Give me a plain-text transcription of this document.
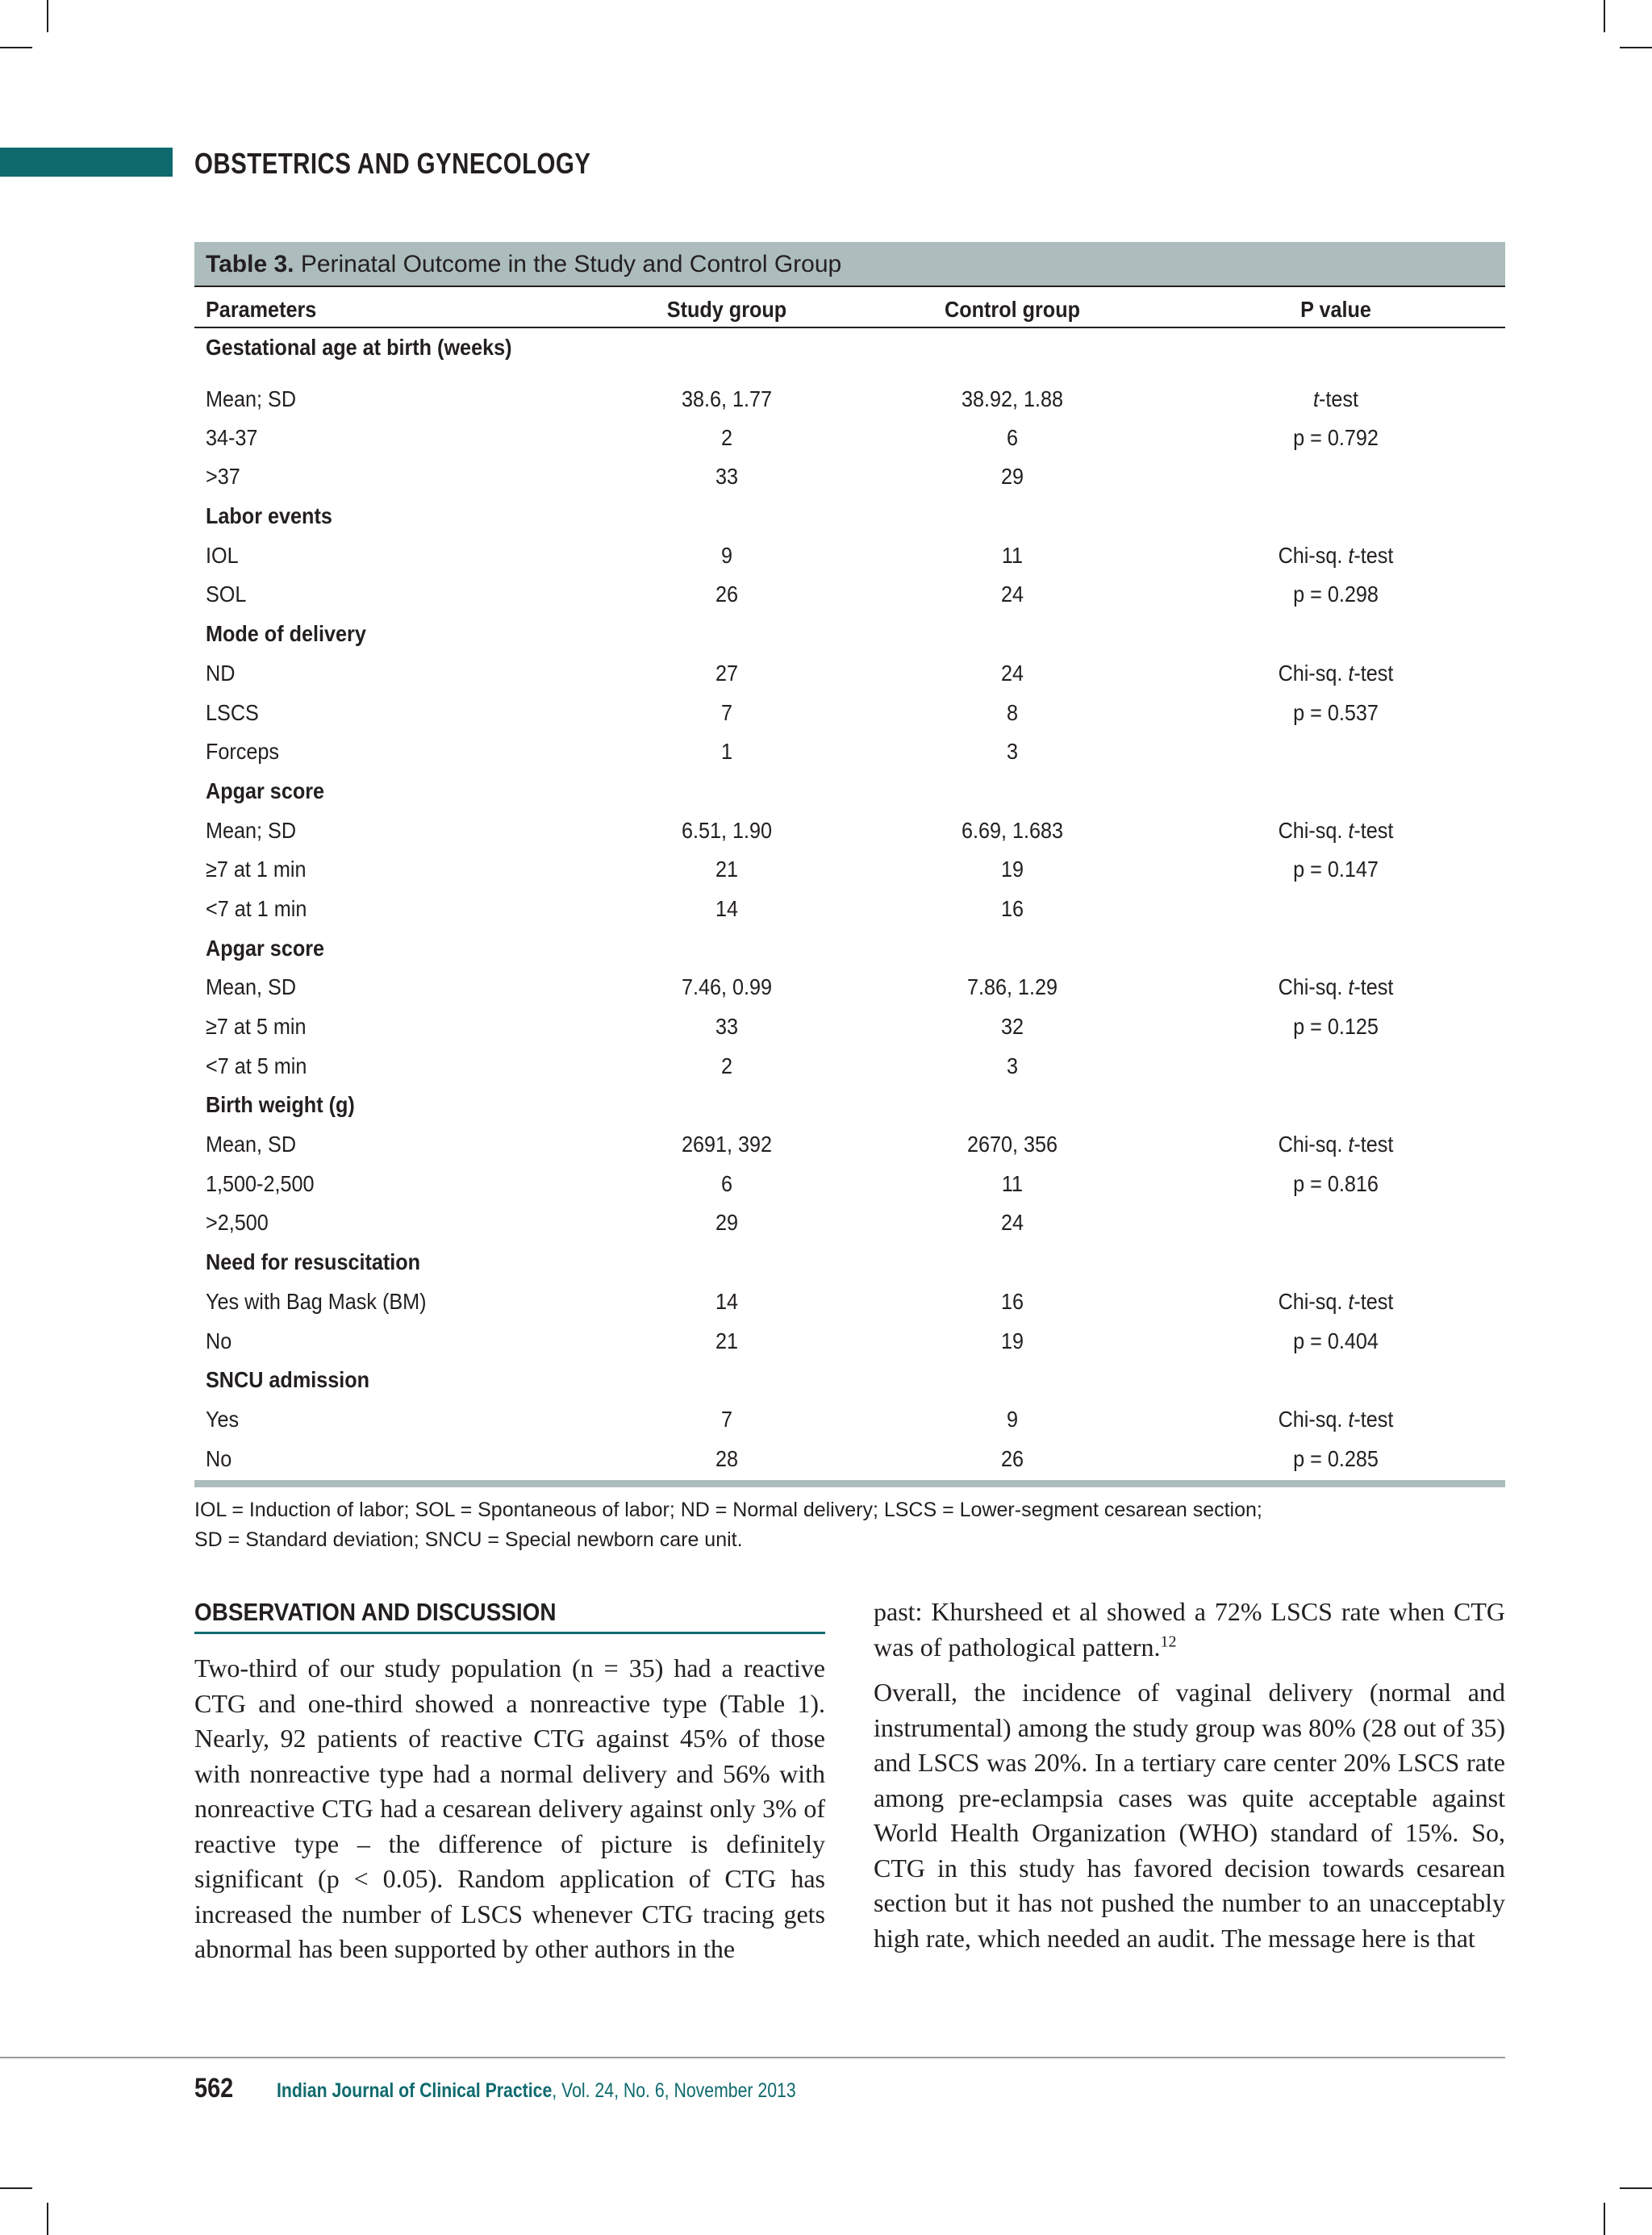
OBSTETRICS AND GYNECOLOGY
Table 3. Perinatal Outcome in the Study and Control Group
Parameters	Study group	Control group	P value
Gestational age at birth (weeks)
Mean; SD	38.6, 1.77	38.92, 1.88	t-test
34-37	2	6	p = 0.792
>37	33	29
Labor events
IOL	9	11	Chi-sq. t-test
SOL	26	24	p = 0.298
Mode of delivery
ND	27	24	Chi-sq. t-test
LSCS	7	8	p = 0.537
Forceps	1	3
Apgar score
Mean; SD	6.51, 1.90	6.69, 1.683	Chi-sq. t-test
≥7 at 1 min	21	19	p = 0.147
<7 at 1 min	14	16
Apgar score
Mean, SD	7.46, 0.99	7.86, 1.29	Chi-sq. t-test
≥7 at 5 min	33	32	p = 0.125
<7 at 5 min	2	3
Birth weight (g)
Mean, SD	2691, 392	2670, 356	Chi-sq. t-test
1,500-2,500	6	11	p = 0.816
>2,500	29	24
Need for resuscitation
Yes with Bag Mask (BM)	14	16	Chi-sq. t-test
No	21	19	p = 0.404
SNCU admission
Yes	7	9	Chi-sq. t-test
No	28	26	p = 0.285
IOL = Induction of labor; SOL = Spontaneous of labor; ND = Normal delivery; LSCS = Lower-segment cesarean section;
SD = Standard deviation; SNCU = Special newborn care unit.
OBSERVATION AND DISCUSSION

Two-third of our study population (n = 35) had a reactive CTG and one-third showed a nonreactive type (Table 1). Nearly, 92 patients of reactive CTG against 45% of those with nonreactive type had a normal delivery and 56% with nonreactive CTG had a cesarean delivery against only 3% of reactive type – the difference of picture is definitely significant (p < 0.05). Random application of CTG has increased the number of LSCS whenever CTG tracing gets abnormal has been supported by other authors in the

past: Khursheed et al showed a 72% LSCS rate when CTG was of pathological pattern.$^{12}$

Overall, the incidence of vaginal delivery (normal and instrumental) among the study group was 80% (28 out of 35) and LSCS was 20%. In a tertiary care center 20% LSCS rate among pre-eclampsia cases was quite acceptable against World Health Organization (WHO) standard of 15%. So, CTG in this study has favored decision towards cesarean section but it has not pushed the number to an unacceptably high rate, which needed an audit. The message here is that

562 Indian Journal of Clinical Practice, Vol. 24, No. 6, November 2013
